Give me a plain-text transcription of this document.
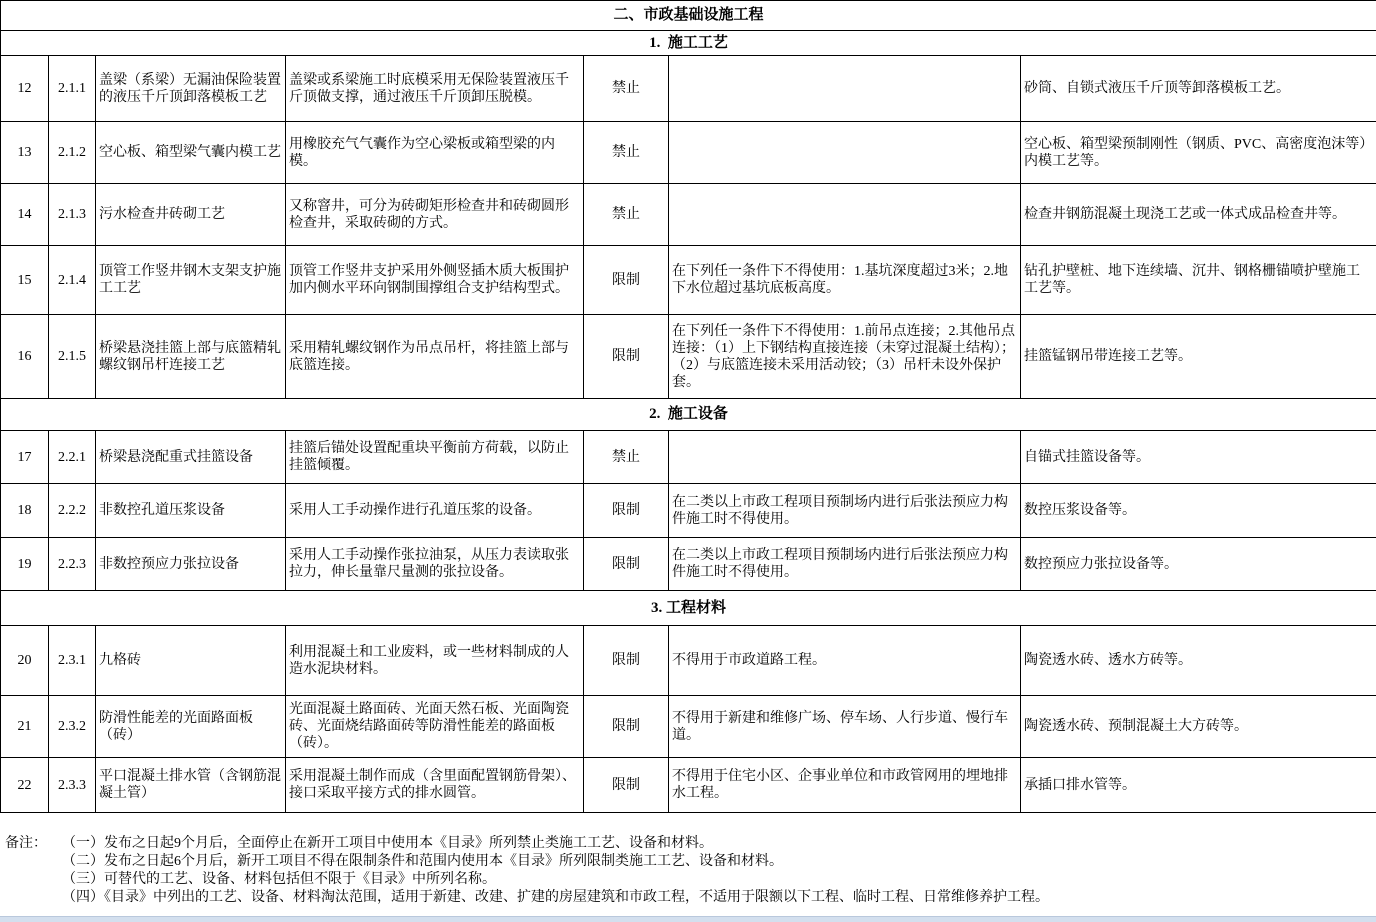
二、市政基础设施工程						
1.  施工工艺						
12	2.1.1	盖梁（系梁）无漏油保险装置的液压千斤顶卸落模板工艺	盖梁或系梁施工时底模采用无保险装置液压千斤顶做支撑，通过液压千斤顶卸压脱模。	禁止		砂筒、自锁式液压千斤顶等卸落模板工艺。
13	2.1.2	空心板、箱型梁气囊内模工艺	用橡胶充气气囊作为空心梁板或箱型梁的内模。	禁止		空心板、箱型梁预制刚性（钢质、PVC、高密度泡沫等）内模工艺等。
14	2.1.3	污水检查井砖砌工艺	又称窨井，可分为砖砌矩形检查井和砖砌圆形检查井，采取砖砌的方式。	禁止		检查井钢筋混凝土现浇工艺或一体式成品检查井等。
15	2.1.4	顶管工作竖井钢木支架支护施工工艺	顶管工作竖井支护采用外侧竖插木质大板围护加内侧水平环向钢制围撑组合支护结构型式。	限制	在下列任一条件下不得使用：1.基坑深度超过3米；2.地下水位超过基坑底板高度。	钻孔护壁桩、地下连续墙、沉井、钢格栅锚喷护壁施工工艺等。
16	2.1.5	桥梁悬浇挂篮上部与底篮精轧螺纹钢吊杆连接工艺	采用精轧螺纹钢作为吊点吊杆，将挂篮上部与底篮连接。	限制	在下列任一条件下不得使用：1.前吊点连接；2.其他吊点连接：（1）上下钢结构直接连接（未穿过混凝土结构）；（2）与底篮连接未采用活动铰；（3）吊杆未设外保护套。	挂篮锰钢吊带连接工艺等。
2.  施工设备						
17	2.2.1	桥梁悬浇配重式挂篮设备	挂篮后锚处设置配重块平衡前方荷载，以防止挂篮倾覆。	禁止		自锚式挂篮设备等。
18	2.2.2	非数控孔道压浆设备	采用人工手动操作进行孔道压浆的设备。	限制	在二类以上市政工程项目预制场内进行后张法预应力构件施工时不得使用。	数控压浆设备等。
19	2.2.3	非数控预应力张拉设备	采用人工手动操作张拉油泵，从压力表读取张拉力，伸长量靠尺量测的张拉设备。	限制	在二类以上市政工程项目预制场内进行后张法预应力构件施工时不得使用。	数控预应力张拉设备等。
3. 工程材料						
20	2.3.1	九格砖	利用混凝土和工业废料，或一些材料制成的人造水泥块材料。	限制	不得用于市政道路工程。	陶瓷透水砖、透水方砖等。
21	2.3.2	防滑性能差的光面路面板（砖）	光面混凝土路面砖、光面天然石板、光面陶瓷砖、光面烧结路面砖等防滑性能差的路面板（砖）。	限制	不得用于新建和维修广场、停车场、人行步道、慢行车道。	陶瓷透水砖、预制混凝土大方砖等。
22	2.3.3	平口混凝土排水管（含钢筋混凝土管）	采用混凝土制作而成（含里面配置钢筋骨架）、接口采取平接方式的排水圆管。	限制	不得用于住宅小区、企事业单位和市政管网用的埋地排水工程。	承插口排水管等。
备注：	（一）发布之日起9个月后，全面停止在新开工项目中使用本《目录》所列禁止类施工工艺、设备和材料。
（二）发布之日起6个月后，新开工项目不得在限制条件和范围内使用本《目录》所列限制类施工工艺、设备和材料。
（三）可替代的工艺、设备、材料包括但不限于《目录》中所列名称。
（四）《目录》中列出的工艺、设备、材料淘汰范围，适用于新建、改建、扩建的房屋建筑和市政工程，不适用于限额以下工程、临时工程、日常维修养护工程。
